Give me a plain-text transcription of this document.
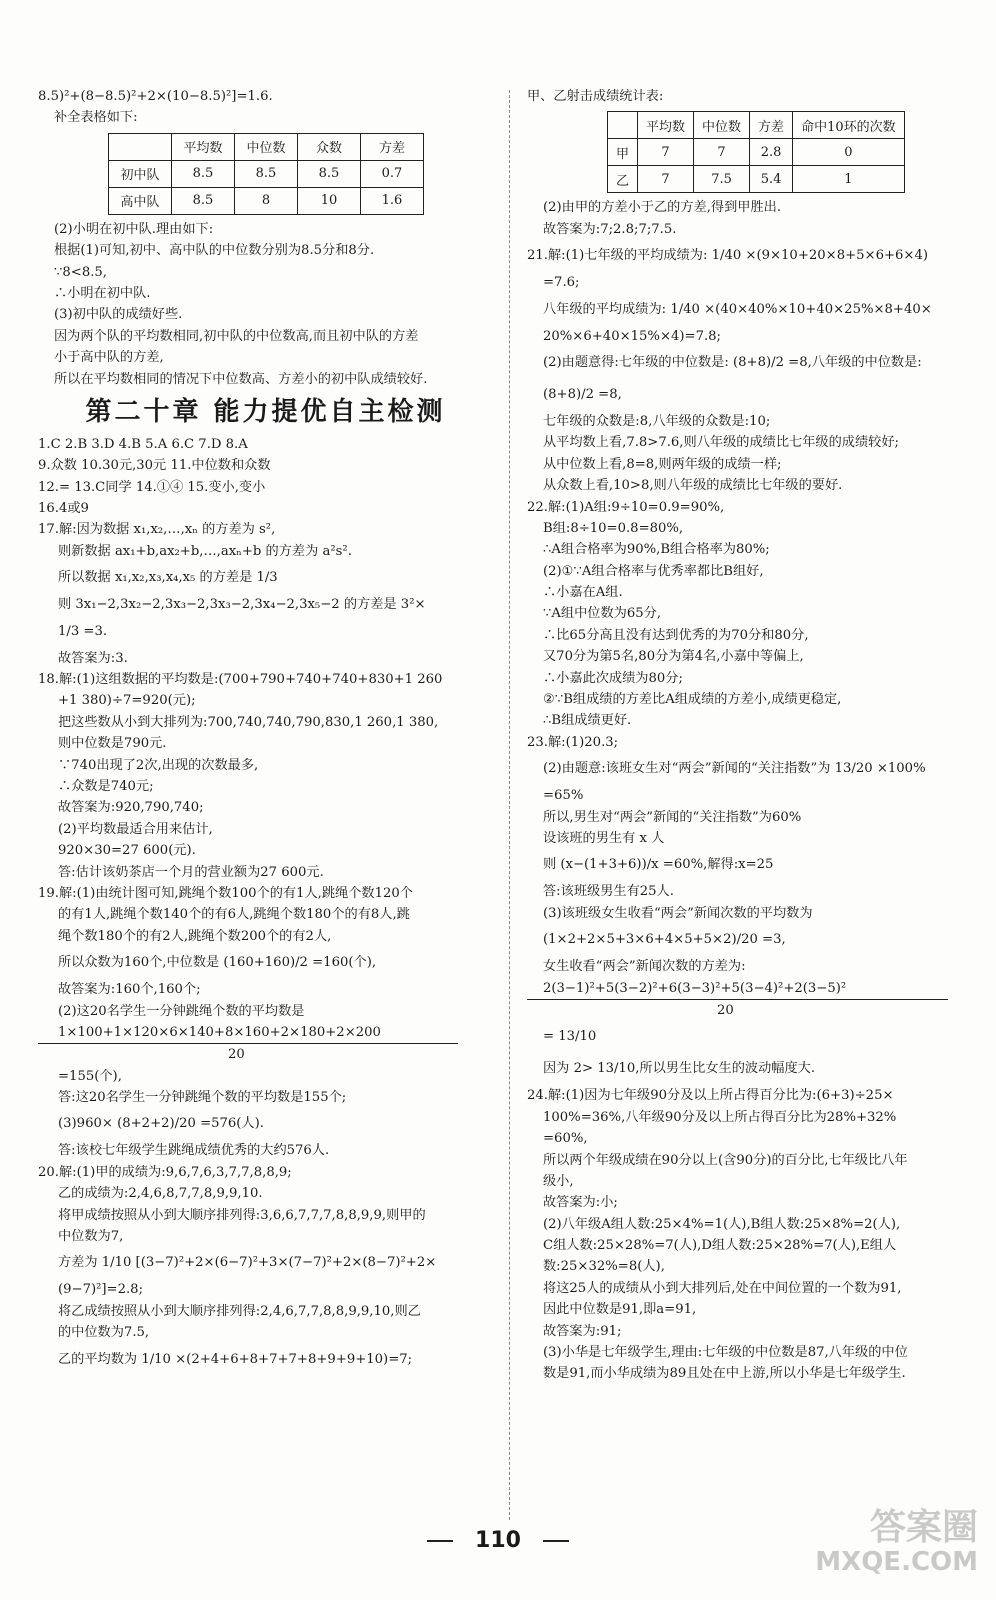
8.5)²+(8−8.5)²+2×(10−8.5)²]=1.6.
补全表格如下:
	平均数	中位数	众数	方差
初中队	8.5	8.5	8.5	0.7
高中队	8.5	8	10	1.6
(2)小明在初中队.理由如下:
根据(1)可知,初中、高中队的中位数分别为8.5分和8分.
∵8<8.5,
∴小明在初中队.
(3)初中队的成绩好些.
因为两个队的平均数相同,初中队的中位数高,而且初中队的方差
小于高中队的方差,
所以在平均数相同的情况下中位数高、方差小的初中队成绩较好.
第二十章 能力提优自主检测
1.C 2.B 3.D 4.B 5.A 6.C 7.D 8.A
9.众数 10.30元,30元 11.中位数和众数
12.= 13.C同学 14.①④ 15.变小,变小
16.4或9
17.解:因为数据 x₁,x₂,…,xₙ 的方差为 s²,
则新数据 ax₁+b,ax₂+b,…,axₙ+b 的方差为 a²s².
所以数据 x₁,x₂,x₃,x₄,x₅ 的方差是 1/3
则 3x₁−2,3x₂−2,3x₃−2,3x₃−2,3x₄−2,3x₅−2 的方差是 3²×
1/3 =3.
故答案为:3.
18.解:(1)这组数据的平均数是:(700+790+740+740+830+1 260
+1 380)÷7=920(元);
把这些数从小到大排列为:700,740,740,790,830,1 260,1 380,
则中位数是790元.
∵740出现了2次,出现的次数最多,
∴众数是740元;
故答案为:920,790,740;
(2)平均数最适合用来估计,
920×30=27 600(元).
答:估计该奶茶店一个月的营业额为27 600元.
19.解:(1)由统计图可知,跳绳个数100个的有1人,跳绳个数120个
的有1人,跳绳个数140个的有6人,跳绳个数180个的有8人,跳
绳个数180个的有2人,跳绳个数200个的有2人,
所以众数为160个,中位数是 (160+160)/2 =160(个),
故答案为:160个,160个;
(2)这20名学生一分钟跳绳个数的平均数是
1×100+1×120×6×140+8×160+2×180+2×200
20
=155(个),
答:这20名学生一分钟跳绳个数的平均数是155个;
(3)960× (8+2+2)/20 =576(人).
答:该校七年级学生跳绳成绩优秀的大约576人.
20.解:(1)甲的成绩为:9,6,7,6,3,7,7,8,8,9;
乙的成绩为:2,4,6,8,7,7,8,9,9,10.
将甲成绩按照从小到大顺序排列得:3,6,6,7,7,7,8,8,9,9,则甲的
中位数为7,
方差为 1/10 [(3−7)²+2×(6−7)²+3×(7−7)²+2×(8−7)²+2×
(9−7)²]=2.8;
将乙成绩按照从小到大顺序排列得:2,4,6,7,7,8,8,9,9,10,则乙
的中位数为7.5,
乙的平均数为 1/10 ×(2+4+6+8+7+7+8+9+9+10)=7;
甲、乙射击成绩统计表:
	平均数	中位数	方差	命中10环的次数
甲	7	7	2.8	0
乙	7	7.5	5.4	1
(2)由甲的方差小于乙的方差,得到甲胜出.
故答案为:7;2.8;7;7.5.
21.解:(1)七年级的平均成绩为: 1/40 ×(9×10+20×8+5×6+6×4)
=7.6;
八年级的平均成绩为: 1/40 ×(40×40%×10+40×25%×8+40×
20%×6+40×15%×4)=7.8;
(2)由题意得:七年级的中位数是: (8+8)/2 =8,八年级的中位数是:
(8+8)/2 =8,
七年级的众数是:8,八年级的众数是:10;
从平均数上看,7.8>7.6,则八年级的成绩比七年级的成绩较好;
从中位数上看,8=8,则两年级的成绩一样;
从众数上看,10>8,则八年级的成绩比七年级的要好.
22.解:(1)A组:9÷10=0.9=90%,
B组:8÷10=0.8=80%,
∴A组合格率为90%,B组合格率为80%;
(2)①∵A组合格率与优秀率都比B组好,
∴小嘉在A组.
∵A组中位数为65分,
∴比65分高且没有达到优秀的为70分和80分,
又70分为第5名,80分为第4名,小嘉中等偏上,
∴小嘉此次成绩为80分;
②∵B组成绩的方差比A组成绩的方差小,成绩更稳定,
∴B组成绩更好.
23.解:(1)20.3;
(2)由题意:该班女生对“两会”新闻的“关注指数”为 13/20 ×100%
=65%
所以,男生对“两会”新闻的“关注指数”为60%
设该班的男生有 x 人
则 (x−(1+3+6))/x =60%,解得:x=25
答:该班级男生有25人.
(3)该班级女生收看“两会”新闻次数的平均数为
(1×2+2×5+3×6+4×5+5×2)/20 =3,
女生收看“两会”新闻次数的方差为:
2(3−1)²+5(3−2)²+6(3−3)²+5(3−4)²+2(3−5)²
20
= 13/10
因为 2> 13/10,所以男生比女生的波动幅度大.
24.解:(1)因为七年级90分及以上所占得百分比为:(6+3)÷25×
100%=36%,八年级90分及以上所占得百分比为28%+32%
=60%,
所以两个年级成绩在90分以上(含90分)的百分比,七年级比八年
级小,
故答案为:小;
(2)八年级A组人数:25×4%=1(人),B组人数:25×8%=2(人),
C组人数:25×28%=7(人),D组人数:25×28%=7(人),E组人
数:25×32%=8(人),
将这25人的成绩从小到大排列后,处在中间位置的一个数为91,
因此中位数是91,即a=91,
故答案为:91;
(3)小华是七年级学生,理由:七年级的中位数是87,八年级的中位
数是91,而小华成绩为89且处在中上游,所以小华是七年级学生.
110	答案圈
MXQE.COM
